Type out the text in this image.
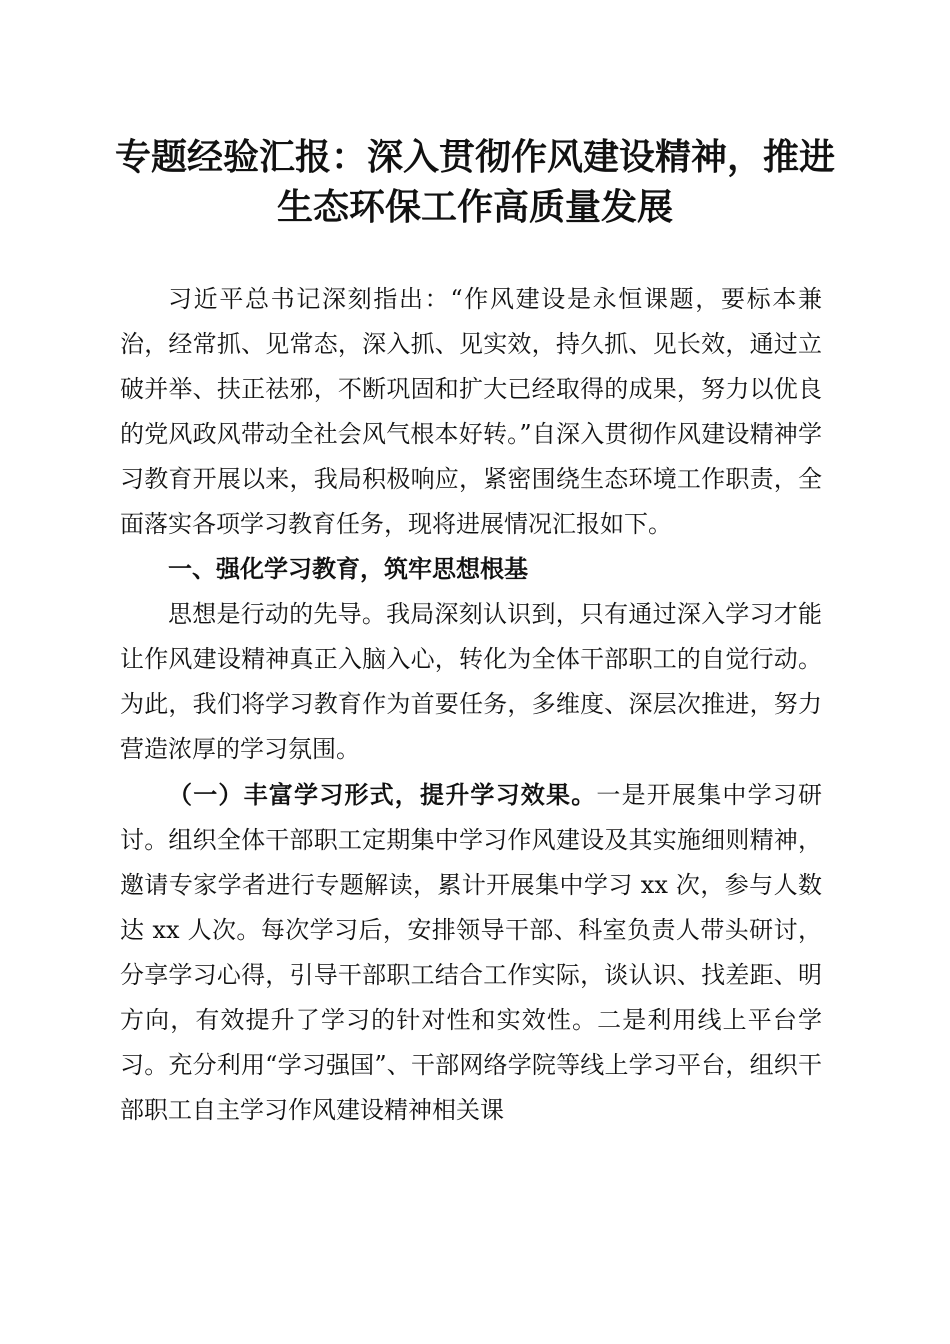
专题经验汇报：深入贯彻作风建设精神，推进
生态环保工作高质量发展

习近平总书记深刻指出：“作风建设是永恒课题，要标本兼治，经常抓、见常态，深入抓、见实效，持久抓、见长效，通过立破并举、扶正祛邪，不断巩固和扩大已经取得的成果，努力以优良的党风政风带动全社会风气根本好转。”自深入贯彻作风建设精神学习教育开展以来，我局积极响应，紧密围绕生态环境工作职责，全面落实各项学习教育任务，现将进展情况汇报如下。

一、强化学习教育，筑牢思想根基

思想是行动的先导。我局深刻认识到，只有通过深入学习才能让作风建设精神真正入脑入心，转化为全体干部职工的自觉行动。为此，我们将学习教育作为首要任务，多维度、深层次推进，努力营造浓厚的学习氛围。

（一）丰富学习形式，提升学习效果。一是开展集中学习研讨。组织全体干部职工定期集中学习作风建设及其实施细则精神，邀请专家学者进行专题解读，累计开展集中学习 xx 次，参与人数达 xx 人次。每次学习后，安排领导干部、科室负责人带头研讨，分享学习心得，引导干部职工结合工作实际，谈认识、找差距、明方向，有效提升了学习的针对性和实效性。二是利用线上平台学习。充分利用“学习强国”、干部网络学院等线上学习平台，组织干部职工自主学习作风建设精神相关课
